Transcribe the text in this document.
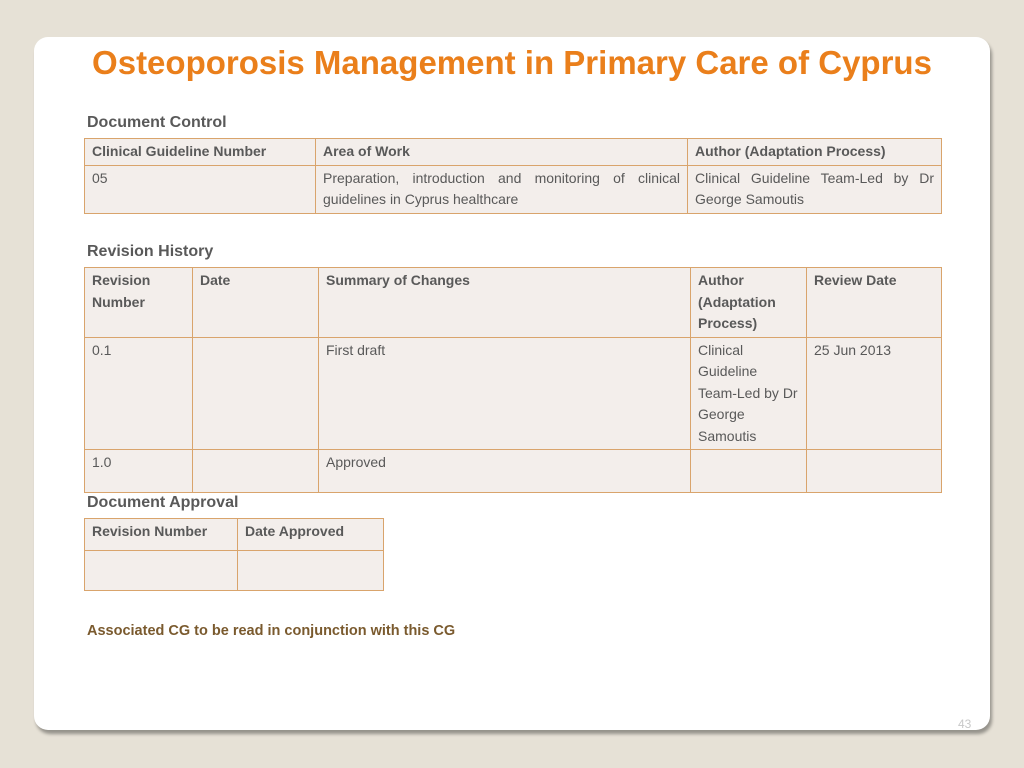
Osteoporosis Management in Primary Care of Cyprus
Document Control
Clinical Guideline Number	Area of Work	Author (Adaptation Process)
05	Preparation, introduction and monitoring of clinical guidelines in Cyprus healthcare	Clinical Guideline Team-Led by Dr George Samoutis
Revision History
Revision Number	Date	Summary of Changes	Author (Adaptation Process)	Review Date
0.1		First draft	Clinical Guideline Team-Led by Dr George Samoutis	25 Jun 2013
1.0		Approved		
Document Approval
Revision Number	Date Approved

Associated CG to be read in conjunction with this CG
43
